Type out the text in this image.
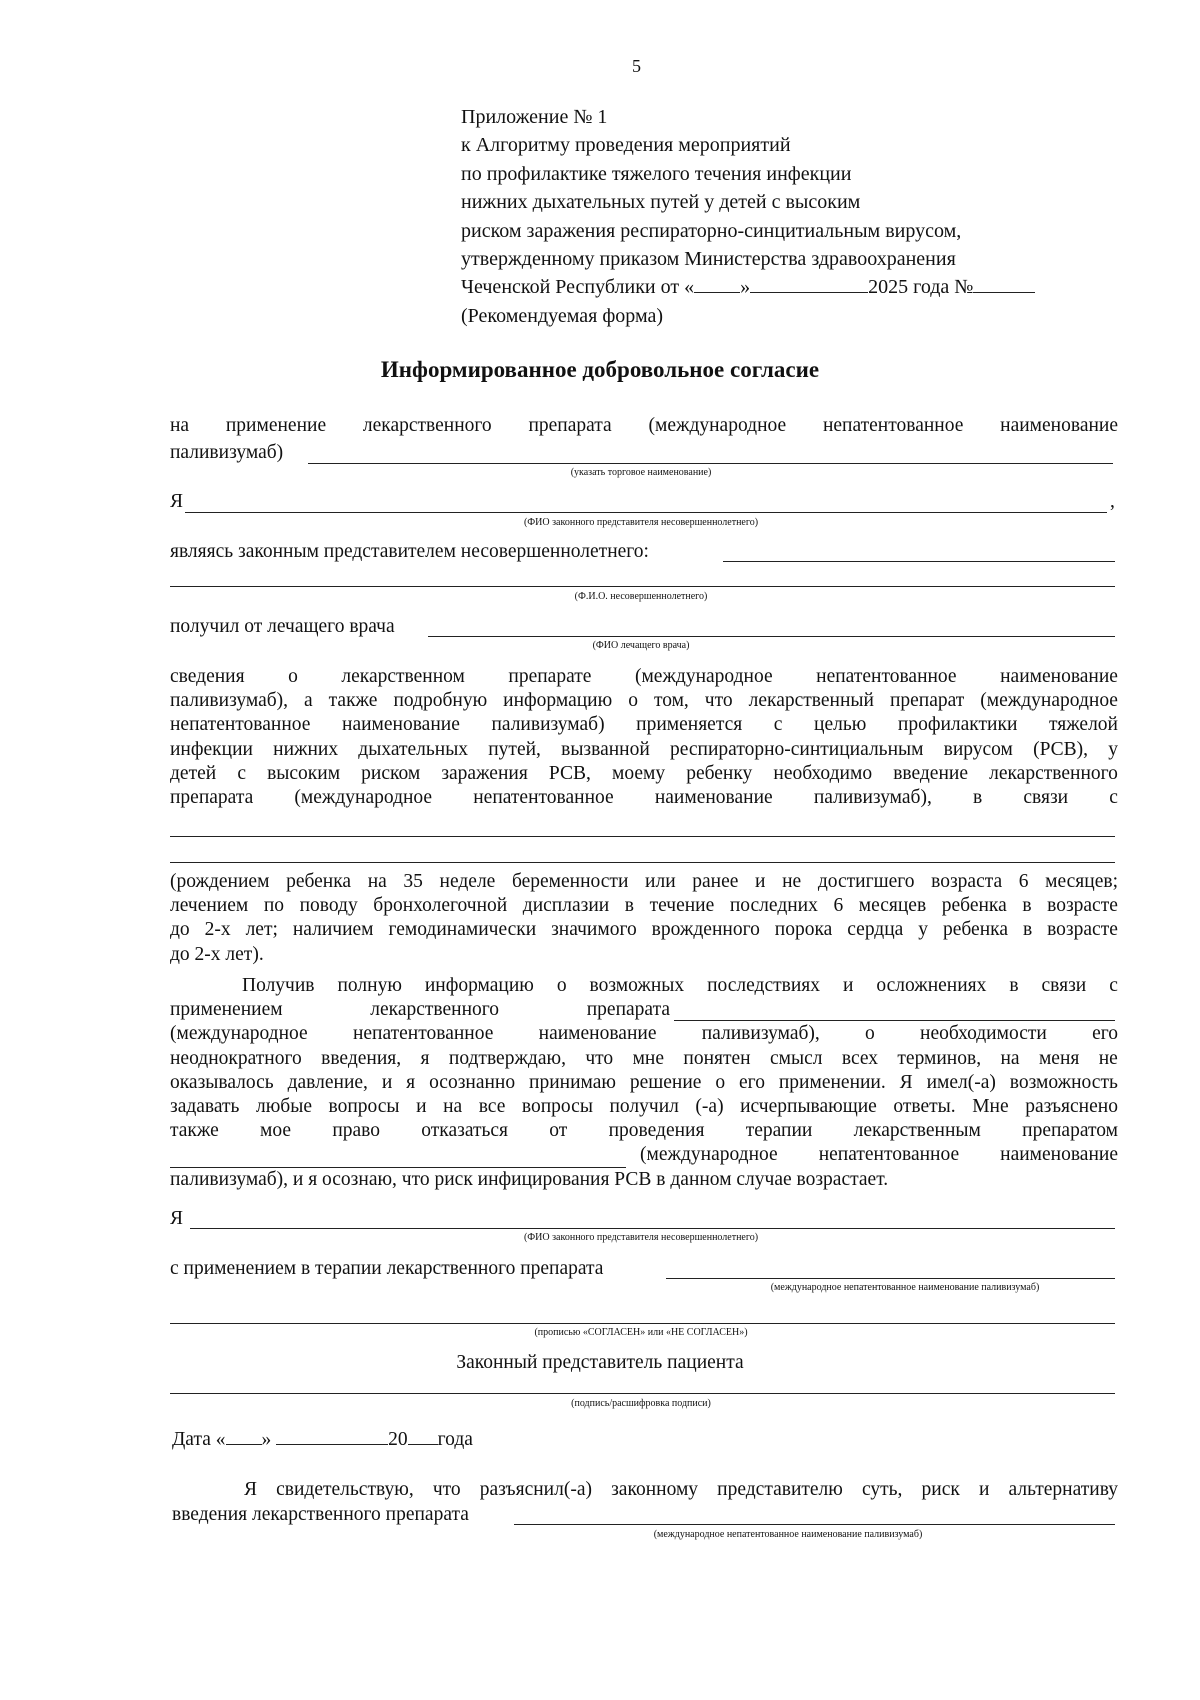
5
Приложение № 1
к Алгоритму проведения мероприятий
по профилактике тяжелого течения инфекции
нижних дыхательных путей у детей с высоким
риском заражения респираторно-синцитиальным вирусом,
утвержденному приказом Министерства здравоохранения
Чеченской Республики от « »	2025 года №
(Рекомендуемая форма)
Информированное добровольное согласие
на применение лекарственного препарата (международное непатентованное наименование
паливизумаб)
(указать торговое наименование)
Я	,
(ФИО законного представителя несовершеннолетнего)
являясь законным представителем несовершеннолетнего:
(Ф.И.О. несовершеннолетнего)
получил от лечащего врача
(ФИО лечащего врача)
сведения о лекарственном препарате (международное непатентованное наименование
паливизумаб), а также подробную информацию о том, что лекарственный препарат (международное
непатентованное наименование паливизумаб) применяется с целью профилактики тяжелой
инфекции нижних дыхательных путей, вызванной респираторно-синтициальным вирусом (РСВ), у
детей с высоким риском заражения РСВ, моему ребенку необходимо введение лекарственного
препарата (международное непатентованное наименование паливизумаб), в связи с
(рождением ребенка на 35 неделе беременности или ранее и не достигшего возраста 6 месяцев;
лечением по поводу бронхолегочной дисплазии в течение последних 6 месяцев ребенка в возрасте
до 2-х лет; наличием гемодинамически значимого врожденного порока сердца у ребенка в возрасте
до 2-х лет).
Получив полную информацию о возможных последствиях и осложнениях в связи с
применением	лекарственного	препарата
(международное непатентованное наименование паливизумаб), о необходимости его
неоднократного введения, я подтверждаю, что мне понятен смысл всех терминов, на меня не
оказывалось давление, и я осознанно принимаю решение о его применении. Я имел(-а) возможность
задавать любые вопросы и на все вопросы получил (-а) исчерпывающие ответы. Мне разъяснено
также мое право отказаться от проведения терапии лекарственным препаратом
(международное непатентованное наименование
паливизумаб), и я осознаю, что риск инфицирования РСВ в данном случае возрастает.
Я
(ФИО законного представителя несовершеннолетнего)
с применением в терапии лекарственного препарата
(международное непатентованное наименование паливизумаб)
(прописью «СОГЛАСЕН» или «НЕ СОГЛАСЕН»)
Законный представитель пациента
(подпись/расшифровка подписи)
Дата « »	20 года
Я свидетельствую, что разъяснил(-а) законному представителю суть, риск и альтернативу
введения лекарственного препарата
(международное непатентованное наименование паливизумаб)
